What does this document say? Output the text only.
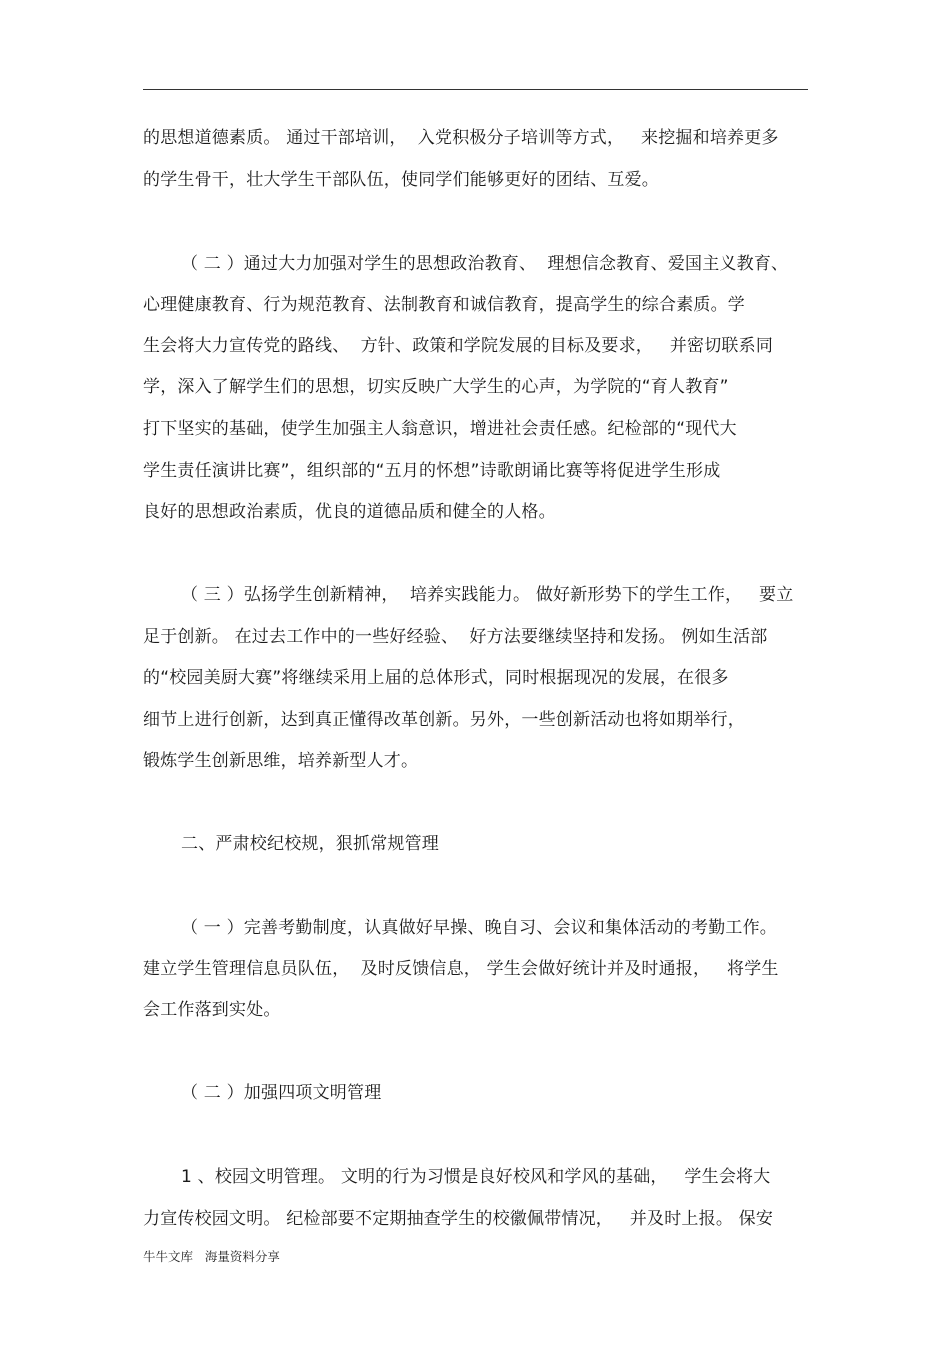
的思想道德素质。 通过干部培训，  入党积极分子培训等方式，   来挖掘和培养更多
的学生骨干，壮大学生干部队伍，使同学们能够更好的团结、互爱。
（ 二 ）通过大力加强对学生的思想政治教育、  理想信念教育、爱国主义教育、
心理健康教育、行为规范教育、法制教育和诚信教育，提高学生的综合素质。学
生会将大力宣传党的路线、  方针、政策和学院发展的目标及要求，   并密切联系同
学，深入了解学生们的思想，切实反映广大学生的心声，为学院的“育人教育”
打下坚实的基础，使学生加强主人翁意识，增进社会责任感。纪检部的“现代大
学生责任演讲比赛”，组织部的“五月的怀想”诗歌朗诵比赛等将促进学生形成
良好的思想政治素质，优良的道德品质和健全的人格。
（ 三 ）弘扬学生创新精神，  培养实践能力。 做好新形势下的学生工作，   要立
足于创新。 在过去工作中的一些好经验、  好方法要继续坚持和发扬。 例如生活部
的“校园美厨大赛”将继续采用上届的总体形式，同时根据现况的发展，在很多
细节上进行创新，达到真正懂得改革创新。另外，一些创新活动也将如期举行，
锻炼学生创新思维，培养新型人才。
二、严肃校纪校规，狠抓常规管理
（ 一 ）完善考勤制度，认真做好早操、晚自习、会议和集体活动的考勤工作。
建立学生管理信息员队伍，  及时反馈信息， 学生会做好统计并及时通报，   将学生
会工作落到实处。
（ 二 ）加强四项文明管理
1 、校园文明管理。 文明的行为习惯是良好校风和学风的基础，   学生会将大
力宣传校园文明。 纪检部要不定期抽查学生的校徽佩带情况，   并及时上报。 保安
牛牛文库   海量资料分享
